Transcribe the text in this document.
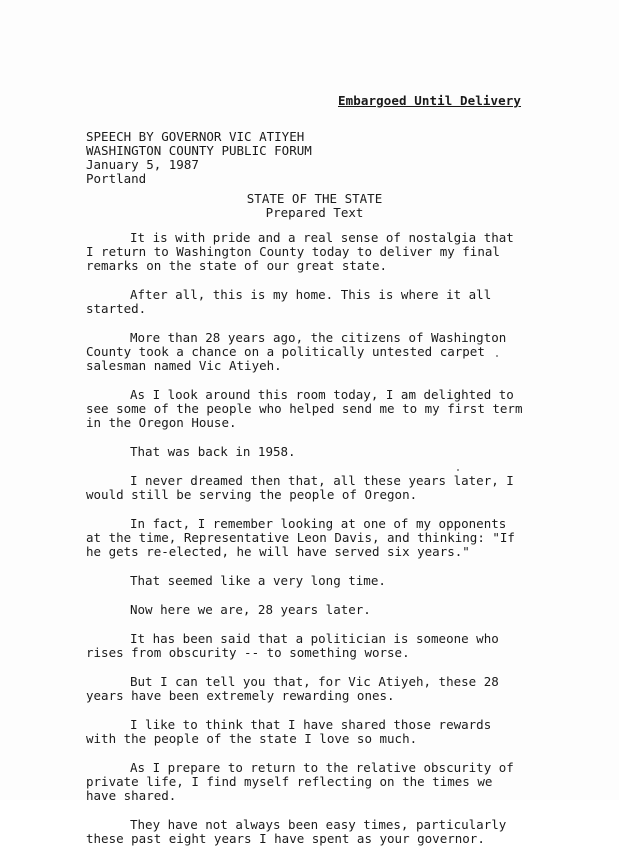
Embargoed Until Delivery
SPEECH BY GOVERNOR VIC ATIYEH
WASHINGTON COUNTY PUBLIC FORUM
January 5, 1987
Portland
STATE OF THE STATE
Prepared Text

It is with pride and a real sense of nostalgia that
I return to Washington County today to deliver my final
remarks on the state of our great state.

After all, this is my home. This is where it all
started.

More than 28 years ago, the citizens of Washington
County took a chance on a politically untested carpet
salesman named Vic Atiyeh.

As I look around this room today, I am delighted to
see some of the people who helped send me to my first term
in the Oregon House.

That was back in 1958.

I never dreamed then that, all these years later, I
would still be serving the people of Oregon.

In fact, I remember looking at one of my opponents
at the time, Representative Leon Davis, and thinking: "If
he gets re-elected, he will have served six years."

That seemed like a very long time.

Now here we are, 28 years later.

It has been said that a politician is someone who
rises from obscurity -- to something worse.

But I can tell you that, for Vic Atiyeh, these 28
years have been extremely rewarding ones.

I like to think that I have shared those rewards
with the people of the state I love so much.

As I prepare to return to the relative obscurity of
private life, I find myself reflecting on the times we
have shared.

They have not always been easy times, particularly
these past eight years I have spent as your governor.
